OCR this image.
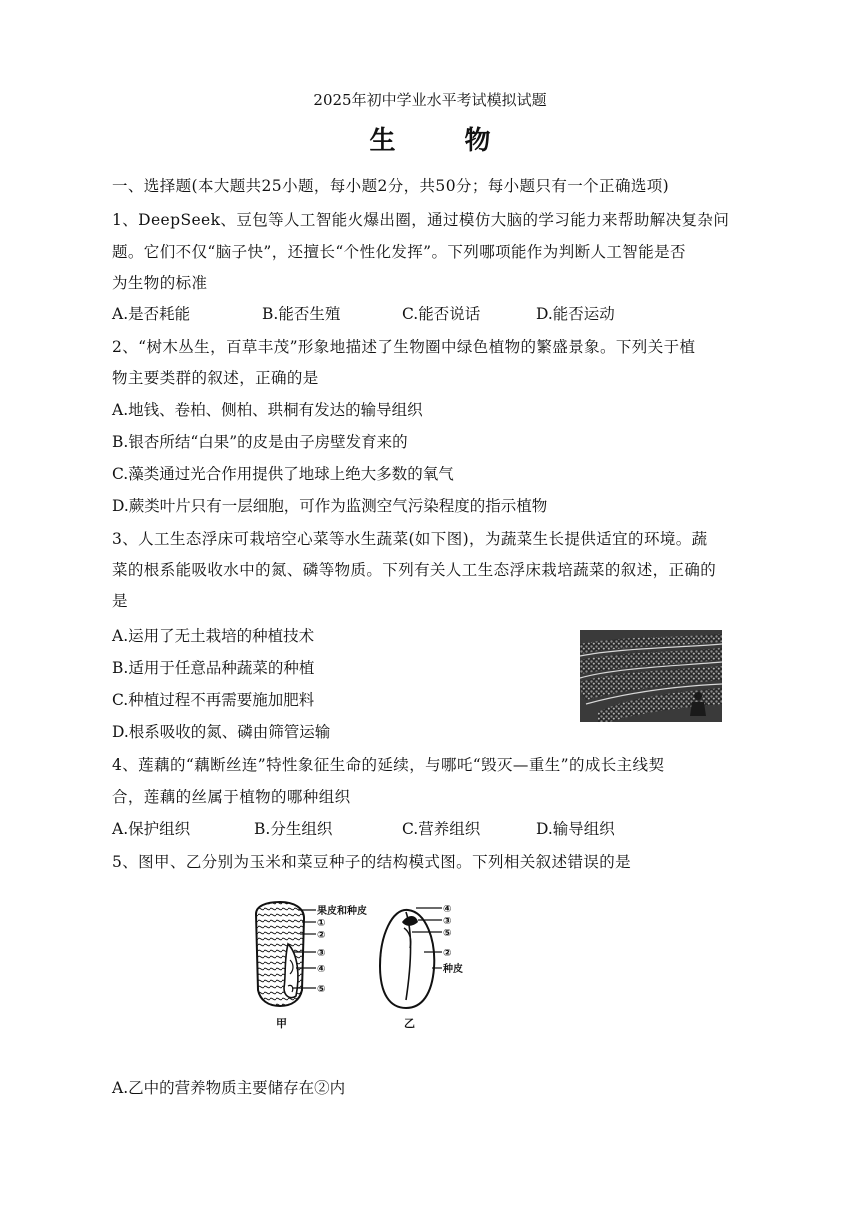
2025年初中学业水平考试模拟试题
生 物
一、选择题(本大题共25小题，每小题2分，共50分；每小题只有一个正确选项)
1、DeepSeek、豆包等人工智能火爆出圈，通过模仿大脑的学习能力来帮助解决复杂问
题。它们不仅“脑子快”，还擅长“个性化发挥”。下列哪项能作为判断人工智能是否
为生物的标准
A.是否耗能	B.能否生殖	C.能否说话	D.能否运动
2、“树木丛生，百草丰茂”形象地描述了生物圈中绿色植物的繁盛景象。下列关于植
物主要类群的叙述，正确的是
A.地钱、卷柏、侧柏、珙桐有发达的输导组织
B.银杏所结“白果”的皮是由子房壁发育来的
C.藻类通过光合作用提供了地球上绝大多数的氧气
D.蕨类叶片只有一层细胞，可作为监测空气污染程度的指示植物
3、人工生态浮床可栽培空心菜等水生蔬菜(如下图)，为蔬菜生长提供适宜的环境。蔬
菜的根系能吸收水中的氮、磷等物质。下列有关人工生态浮床栽培蔬菜的叙述，正确的
是
A.运用了无土栽培的种植技术
B.适用于任意品种蔬菜的种植
C.种植过程不再需要施加肥料
D.根系吸收的氮、磷由筛管运输
4、莲藕的“藕断丝连”特性象征生命的延续，与哪吒“毁灭—重生”的成长主线契
合，莲藕的丝属于植物的哪种组织
A.保护组织	B.分生组织	C.营养组织	D.输导组织
5、图甲、乙分别为玉米和菜豆种子的结构模式图。下列相关叙述错误的是
果皮和种皮
①
②
③
④
⑤
甲
④
③
⑤
②
种皮
乙
A.乙中的营养物质主要储存在②内
